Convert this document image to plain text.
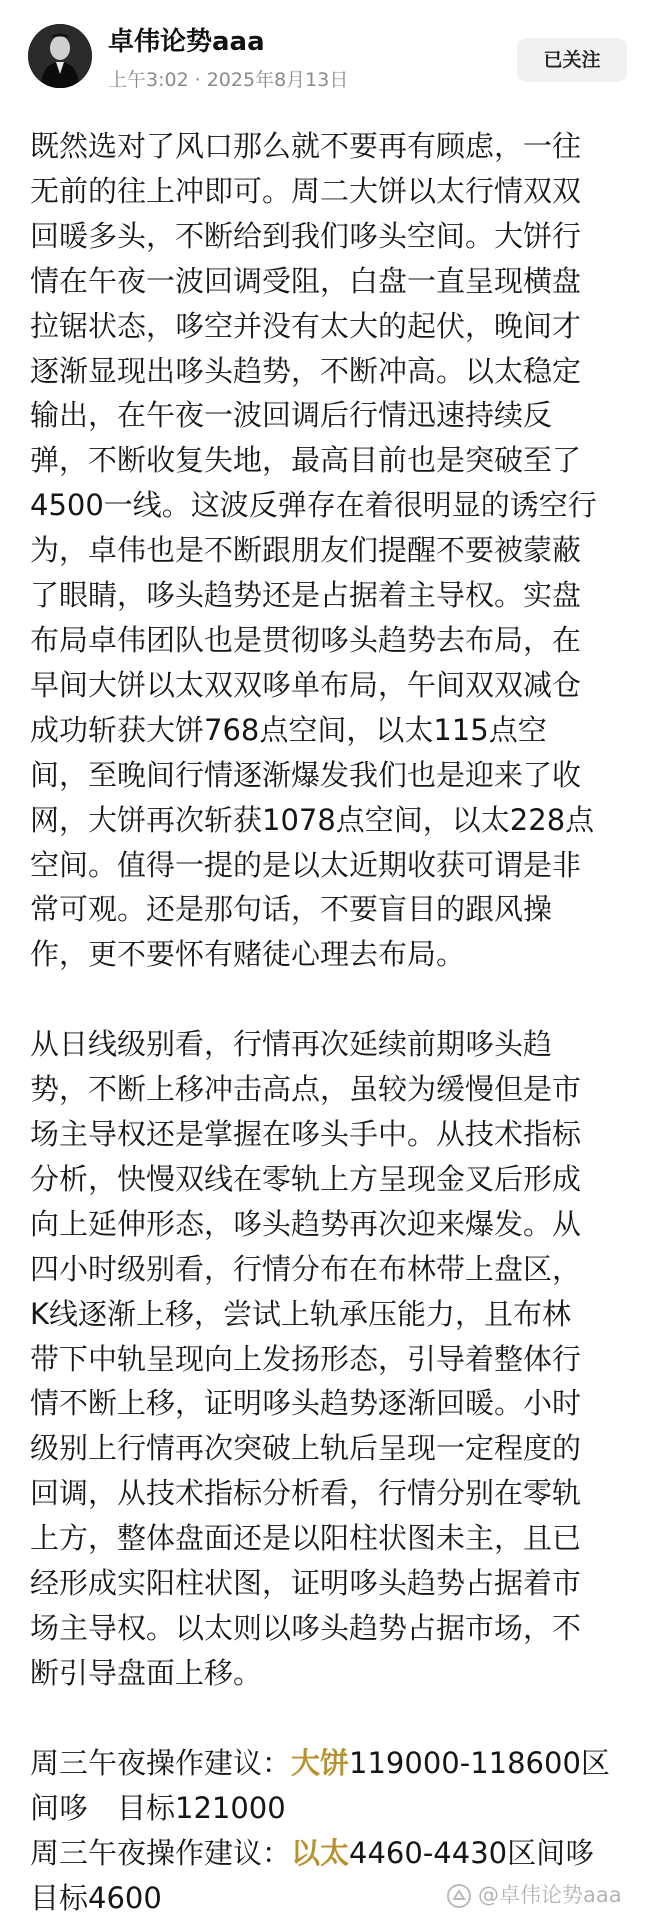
卓伟论势aaa
上午3:02 · 2025年8月13日
已关注

既然选对了风口那么就不要再有顾虑，一往
无前的往上冲即可。周二大饼以太行情双双
回暖多头，不断给到我们哆头空间。大饼行
情在午夜一波回调受阻，白盘一直呈现横盘
拉锯状态，哆空并没有太大的起伏，晚间才
逐渐显现出哆头趋势，不断冲高。以太稳定
输出，在午夜一波回调后行情迅速持续反
弹，不断收复失地，最高目前也是突破至了
4500一线。这波反弹存在着很明显的诱空行
为，卓伟也是不断跟朋友们提醒不要被蒙蔽
了眼睛，哆头趋势还是占据着主导权。实盘
布局卓伟团队也是贯彻哆头趋势去布局，在
早间大饼以太双双哆单布局，午间双双减仓
成功斩获大饼768点空间，以太115点空
间，至晚间行情逐渐爆发我们也是迎来了收
网，大饼再次斩获1078点空间，以太228点
空间。值得一提的是以太近期收获可谓是非
常可观。还是那句话，不要盲目的跟风操
作，更不要怀有赌徒心理去布局。

从日线级别看，行情再次延续前期哆头趋
势，不断上移冲击高点，虽较为缓慢但是市
场主导权还是掌握在哆头手中。从技术指标
分析，快慢双线在零轨上方呈现金叉后形成
向上延伸形态，哆头趋势再次迎来爆发。从
四小时级别看，行情分布在布林带上盘区，
K线逐渐上移，尝试上轨承压能力，且布林
带下中轨呈现向上发扬形态，引导着整体行
情不断上移，证明哆头趋势逐渐回暖。小时
级别上行情再次突破上轨后呈现一定程度的
回调，从技术指标分析看，行情分别在零轨
上方，整体盘面还是以阳柱状图未主，且已
经形成实阳柱状图，证明哆头趋势占据着市
场主导权。以太则以哆头趋势占据市场，不
断引导盘面上移。

周三午夜操作建议：大饼119000-118600区
间哆　目标121000

周三午夜操作建议：以太4460-4430区间哆
目标4600	@卓伟论势aaa
